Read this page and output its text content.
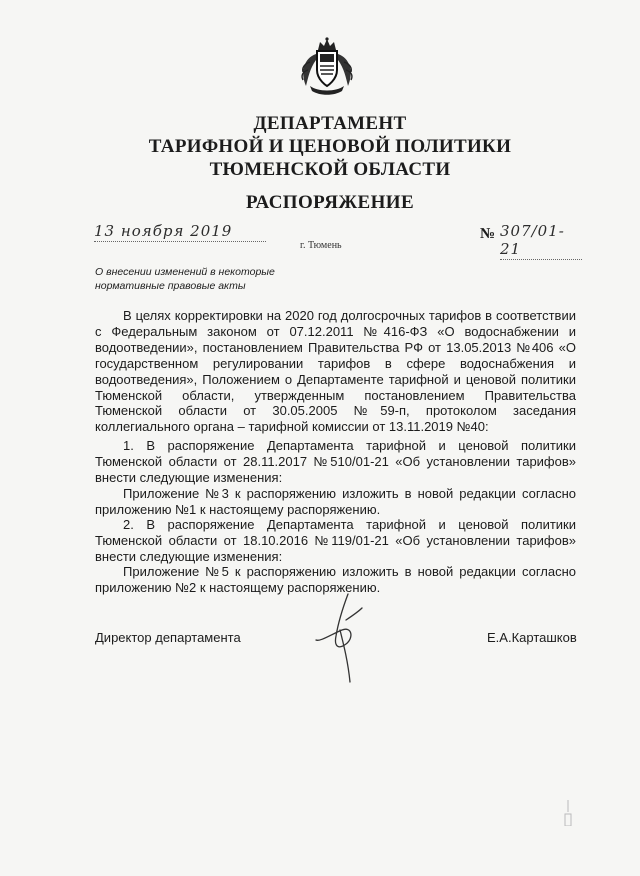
ДЕПАРТАМЕНТ
ТАРИФНОЙ И ЦЕНОВОЙ ПОЛИТИКИ
ТЮМЕНСКОЙ ОБЛАСТИ
РАСПОРЯЖЕНИЕ
13 ноября 2019
г. Тюмень
№ 307/01-21
О внесении изменений в некоторые нормативные правовые акты

В целях корректировки на 2020 год долгосрочных тарифов в соответствии с Федеральным законом от 07.12.2011 №416-ФЗ «О водоснабжении и водоотведении», постановлением Правительства РФ от 13.05.2013 №406 «О государственном регулировании тарифов в сфере водоснабжения и водоотведения», Положением о Департаменте тарифной и ценовой политики Тюменской области, утвержденным постановлением Правительства Тюменской области от 30.05.2005 №59-п, протоколом заседания коллегиального органа – тарифной комиссии от 13.11.2019 №40:

1. В распоряжение Департамента тарифной и ценовой политики Тюменской области от 28.11.2017 №510/01-21 «Об установлении тарифов» внести следующие изменения:

Приложение №3 к распоряжению изложить в новой редакции согласно приложению №1 к настоящему распоряжению.

2. В распоряжение Департамента тарифной и ценовой политики Тюменской области от 18.10.2016 №119/01-21 «Об установлении тарифов» внести следующие изменения:

Приложение №5 к распоряжению изложить в новой редакции согласно приложению №2 к настоящему распоряжению.

Директор департамента	Е.А.Карташков
